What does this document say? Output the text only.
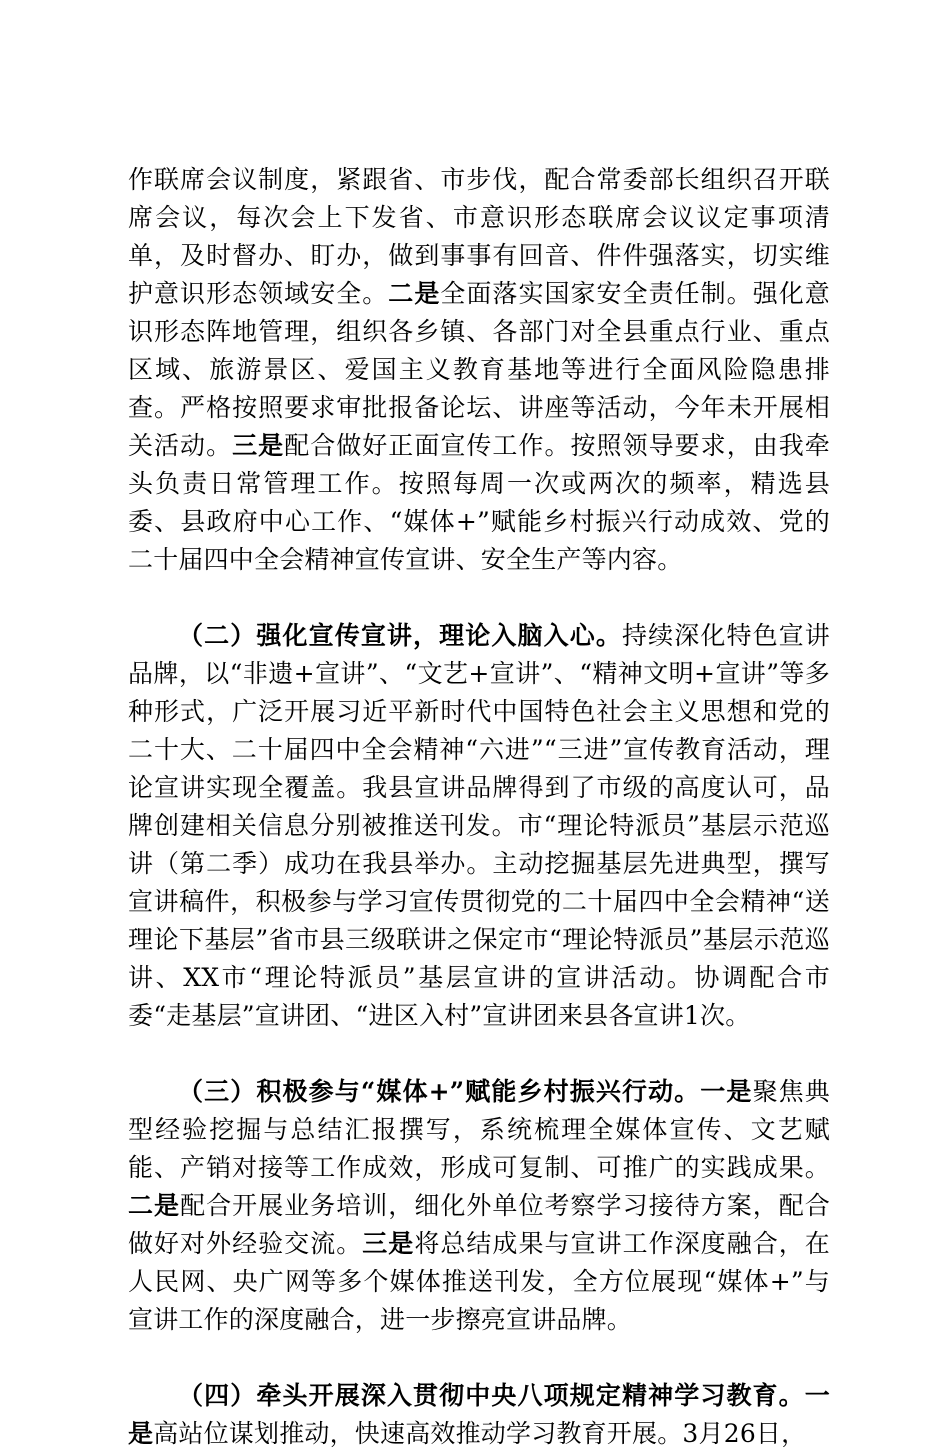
作联席会议制度，紧跟省、市步伐，配合常委部长组织召开联席会议，每次会上下发省、市意识形态联席会议议定事项清单，及时督办、盯办，做到事事有回音、件件强落实，切实维护意识形态领域安全。二是全面落实国家安全责任制。强化意识形态阵地管理，组织各乡镇、各部门对全县重点行业、重点区域、旅游景区、爱国主义教育基地等进行全面风险隐患排查。严格按照要求审批报备论坛、讲座等活动，今年未开展相关活动。三是配合做好正面宣传工作。按照领导要求，由我牵头负责日常管理工作。按照每周一次或两次的频率，精选县委、县政府中心工作、“媒体+”赋能乡村振兴行动成效、党的二十届四中全会精神宣传宣讲、安全生产等内容。

（二）强化宣传宣讲，理论入脑入心。持续深化特色宣讲品牌，以“非遗+宣讲”、“文艺+宣讲”、“精神文明+宣讲”等多种形式，广泛开展习近平新时代中国特色社会主义思想和党的二十大、二十届四中全会精神“六进”“三进”宣传教育活动，理论宣讲实现全覆盖。我县宣讲品牌得到了市级的高度认可，品牌创建相关信息分别被推送刊发。市“理论特派员”基层示范巡讲（第二季）成功在我县举办。主动挖掘基层先进典型，撰写宣讲稿件，积极参与学习宣传贯彻党的二十届四中全会精神“送理论下基层”省市县三级联讲之保定市“理论特派员”基层示范巡讲、XX市“理论特派员”基层宣讲的宣讲活动。协调配合市委“走基层”宣讲团、“进区入村”宣讲团来县各宣讲1次。

（三）积极参与“媒体+”赋能乡村振兴行动。一是聚焦典型经验挖掘与总结汇报撰写，系统梳理全媒体宣传、文艺赋能、产销对接等工作成效，形成可复制、可推广的实践成果。二是配合开展业务培训，细化外单位考察学习接待方案，配合做好对外经验交流。三是将总结成果与宣讲工作深度融合，在人民网、央广网等多个媒体推送刊发，全方位展现“媒体+”与宣讲工作的深度融合，进一步擦亮宣讲品牌。

（四）牵头开展深入贯彻中央八项规定精神学习教育。一是高站位谋划推动，快速高效推动学习教育开展。3月26日，
